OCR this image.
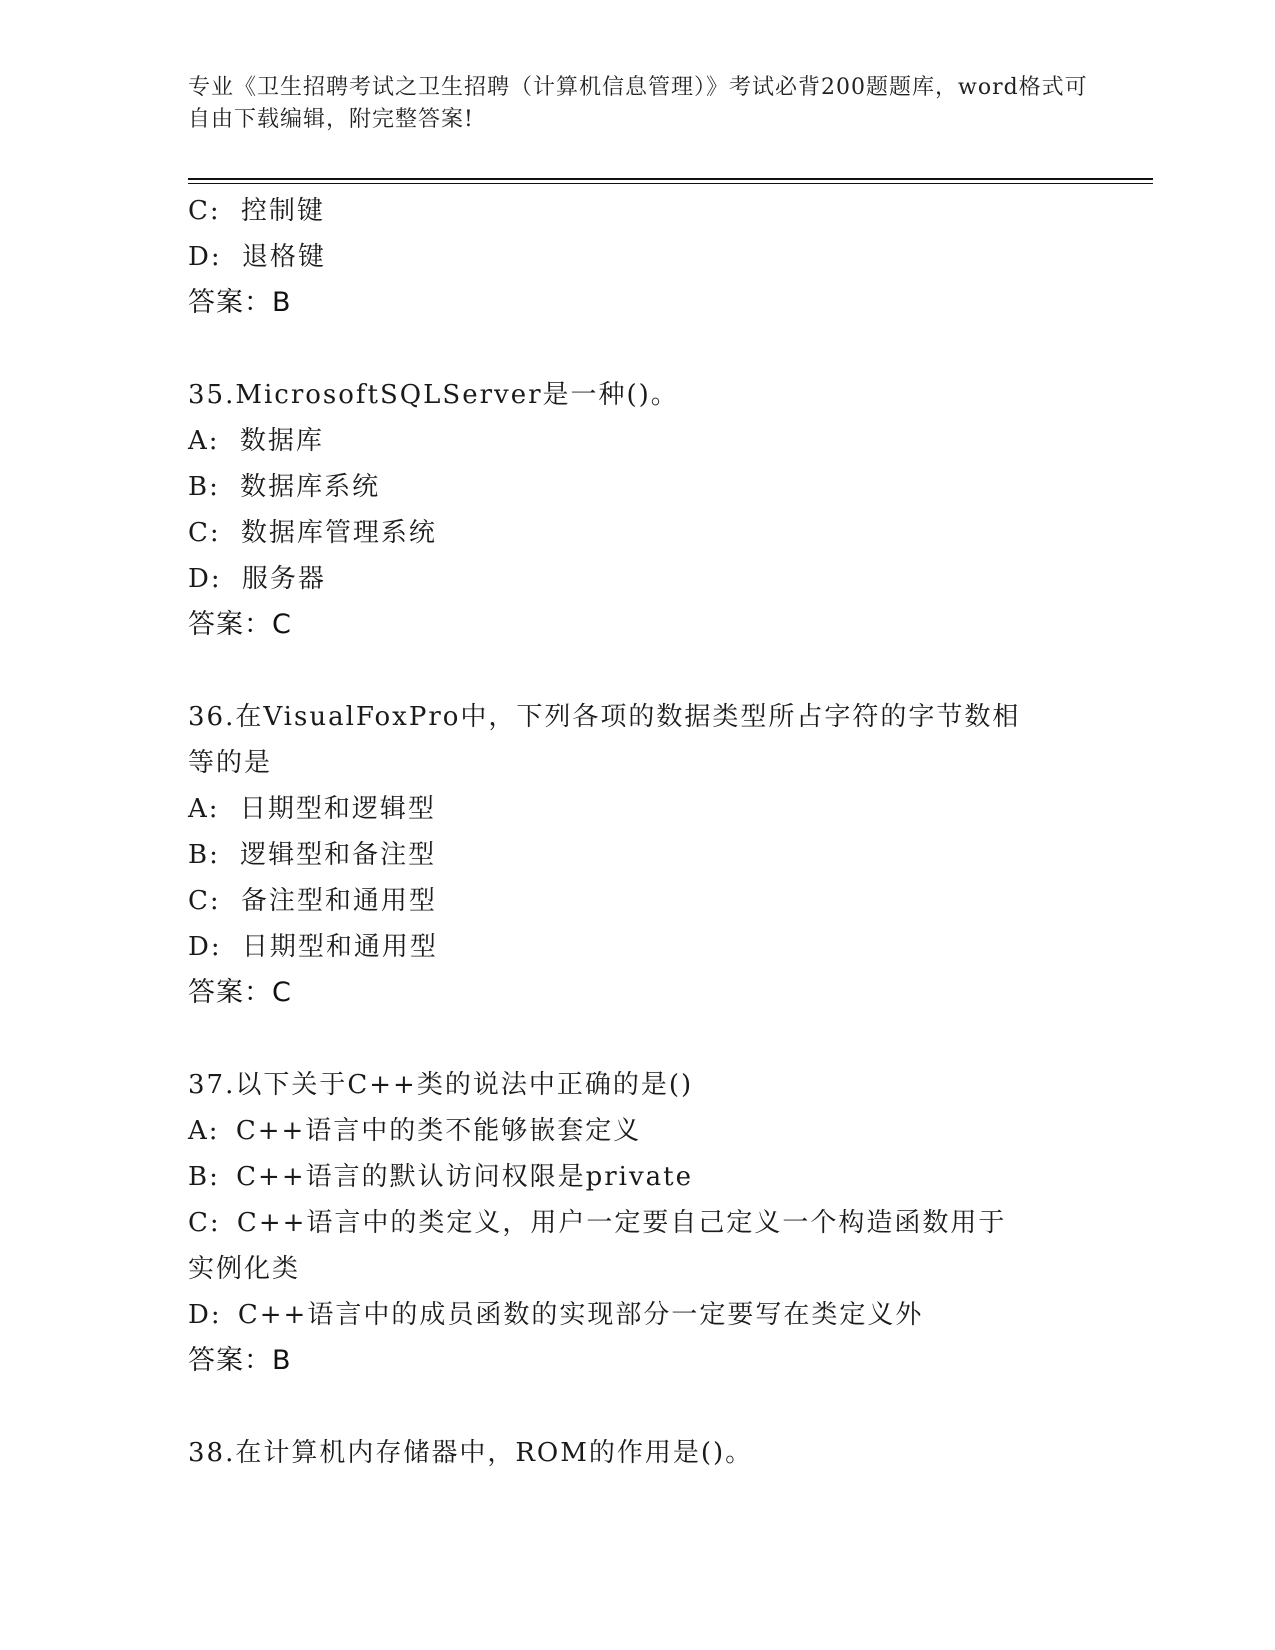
专业《卫生招聘考试之卫生招聘（计算机信息管理）》考试必背200题题库，word格式可自由下载编辑，附完整答案!
C: 控制键
D: 退格键
答案：B
35.MicrosoftSQLServer是一种()。
A: 数据库
B: 数据库系统
C: 数据库管理系统
D: 服务器
答案：C
36.在VisualFoxPro中，下列各项的数据类型所占字符的字节数相等的是
A: 日期型和逻辑型
B: 逻辑型和备注型
C: 备注型和通用型
D: 日期型和通用型
答案：C
37.以下关于C++类的说法中正确的是()
A: C++语言中的类不能够嵌套定义
B: C++语言的默认访问权限是private
C: C++语言中的类定义，用户一定要自己定义一个构造函数用于实例化类
D: C++语言中的成员函数的实现部分一定要写在类定义外
答案：B
38.在计算机内存储器中，ROM的作用是()。
